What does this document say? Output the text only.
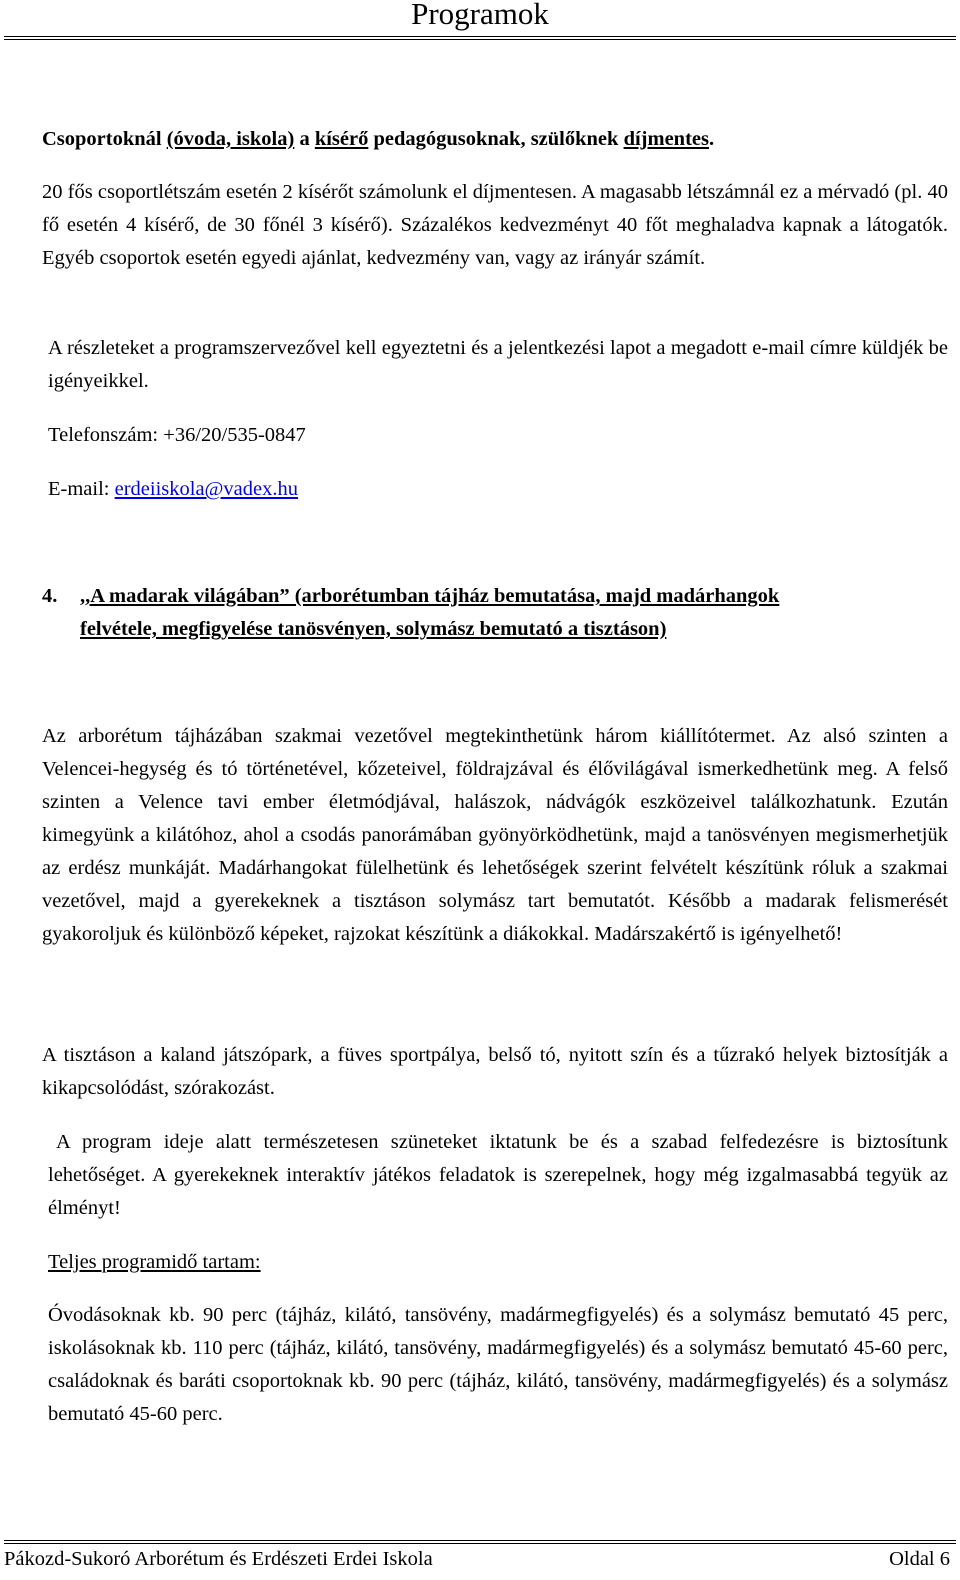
Programok

Csoportoknál (óvoda, iskola) a kísérő pedagógusoknak, szülőknek díjmentes.

20 fős csoportlétszám esetén 2 kísérőt számolunk el díjmentesen. A magasabb létszámnál ez a mérvadó (pl. 40 fő esetén 4 kísérő, de 30 főnél 3 kísérő). Százalékos kedvezményt 40 főt meghaladva kapnak a látogatók. Egyéb csoportok esetén egyedi ajánlat, kedvezmény van, vagy az irányár számít.

A részleteket a programszervezővel kell egyeztetni és a jelentkezési lapot a megadott e-mail címre küldjék be igényeikkel.

Telefonszám: +36/20/535-0847

E-mail: erdeiiskola@vadex.hu

4.	,,A madarak világában” (arborétumban tájház bemutatása, majd madárhangok

felvétele, megfigyelése tanösvényen, solymász bemutató a tisztáson)

Az arborétum tájházában szakmai vezetővel megtekinthetünk három kiállítótermet. Az alsó szinten a Velencei-hegység és tó történetével, kőzeteivel, földrajzával és élővilágával ismerkedhetünk meg. A felső szinten a Velence tavi ember életmódjával, halászok, nádvágók eszközeivel találkozhatunk. Ezután kimegyünk a kilátóhoz, ahol a csodás panorámában gyönyörködhetünk, majd a tanösvényen megismerhetjük az erdész munkáját. Madárhangokat fülelhetünk és lehetőségek szerint felvételt készítünk róluk a szakmai vezetővel, majd a gyerekeknek a tisztáson solymász tart bemutatót. Később a madarak felismerését gyakoroljuk és különböző képeket, rajzokat készítünk a diákokkal. Madárszakértő is igényelhető!

A tisztáson a kaland játszópark, a füves sportpálya, belső tó, nyitott szín és a tűzrakó helyek biztosítják a kikapcsolódást, szórakozást.

A program ideje alatt természetesen szüneteket iktatunk be és a szabad felfedezésre is biztosítunk lehetőséget. A gyerekeknek interaktív játékos feladatok is szerepelnek, hogy még izgalmasabbá tegyük az élményt!

Teljes programidő tartam:

Óvodásoknak kb. 90 perc (tájház, kilátó, tansövény, madármegfigyelés) és a solymász bemutató 45 perc, iskolásoknak kb. 110 perc (tájház, kilátó, tansövény, madármegfigyelés) és a solymász bemutató 45-60 perc, családoknak és baráti csoportoknak kb. 90 perc (tájház, kilátó, tansövény, madármegfigyelés) és a solymász bemutató 45-60 perc.

Pákozd-Sukoró Arborétum és Erdészeti Erdei Iskola	Oldal 6
